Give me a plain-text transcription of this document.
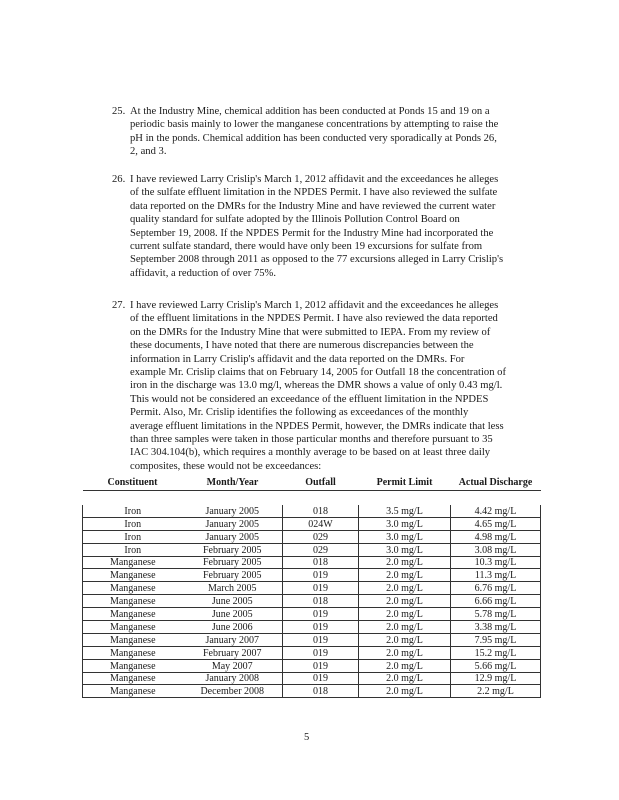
25. At the Industry Mine, chemical addition has been conducted at Ponds 15 and 19 on a
periodic basis mainly to lower the manganese concentrations by attempting to raise the
pH in the ponds. Chemical addition has been conducted very sporadically at Ponds 26,
2, and 3.
26. I have reviewed Larry Crislip's March 1, 2012 affidavit and the exceedances he alleges
of the sulfate effluent limitation in the NPDES Permit. I have also reviewed the sulfate
data reported on the DMRs for the Industry Mine and have reviewed the current water
quality standard for sulfate adopted by the Illinois Pollution Control Board on
September 19, 2008. If the NPDES Permit for the Industry Mine had incorporated the
current sulfate standard, there would have only been 19 excursions for sulfate from
September 2008 through 2011 as opposed to the 77 excursions alleged in Larry Crislip's
affidavit, a reduction of over 75%.
27. I have reviewed Larry Crislip's March 1, 2012 affidavit and the exceedances he alleges
of the effluent limitations in the NPDES Permit. I have also reviewed the data reported
on the DMRs for the Industry Mine that were submitted to IEPA. From my review of
these documents, I have noted that there are numerous discrepancies between the
information in Larry Crislip's affidavit and the data reported on the DMRs. For
example Mr. Crislip claims that on February 14, 2005 for Outfall 18 the concentration of
iron in the discharge was 13.0 mg/l, whereas the DMR shows a value of only 0.43 mg/l.
This would not be considered an exceedance of the effluent limitation in the NPDES
Permit. Also, Mr. Crislip identifies the following as exceedances of the monthly
average effluent limitations in the NPDES Permit, however, the DMRs indicate that less
than three samples were taken in those particular months and therefore pursuant to 35
IAC 304.104(b), which requires a monthly average to be based on at least three daily
composites, these would not be exceedances:
Constituent	Month/Year	Outfall	Permit Limit	Actual Discharge

Iron	January 2005	018	3.5 mg/L	4.42 mg/L
Iron	January 2005	024W	3.0 mg/L	4.65 mg/L
Iron	January 2005	029	3.0 mg/L	4.98 mg/L
Iron	February 2005	029	3.0 mg/L	3.08 mg/L
Manganese	February 2005	018	2.0 mg/L	10.3 mg/L
Manganese	February 2005	019	2.0 mg/L	11.3 mg/L
Manganese	March 2005	019	2.0 mg/L	6.76 mg/L
Manganese	June 2005	018	2.0 mg/L	6.66 mg/L
Manganese	June 2005	019	2.0 mg/L	5.78 mg/L
Manganese	June 2006	019	2.0 mg/L	3.38 mg/L
Manganese	January 2007	019	2.0 mg/L	7.95 mg/L
Manganese	February 2007	019	2.0 mg/L	15.2 mg/L
Manganese	May 2007	019	2.0 mg/L	5.66 mg/L
Manganese	January 2008	019	2.0 mg/L	12.9 mg/L
Manganese	December 2008	018	2.0 mg/L	2.2 mg/L
5
